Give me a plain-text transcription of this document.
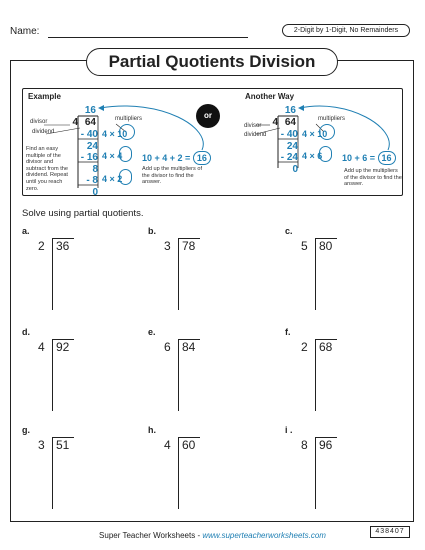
Name:	2-Digit by 1-Digit, No Remainders
Partial Quotients Division
Example	Another Way
or
divisor
dividend
multipliers
16
4 64
- 40
24
- 16
8
- 8
0
4 × 10
4 × 4
4 × 2
10 + 4 + 2 = 16
Find an easy multiple of the divisor and subtract from the dividend. Repeat until you reach zero.
Add up the multipliers of the divisor to find the answer.
divisor
dividend
multipliers
16
4 64
- 40
24
- 24
0
4 × 10
4 × 6 10 + 6 = 16
Add up the multipliers of the divisor to find the answer.
Solve using partial quotients.
a.
2 36
b.
3 78
c.
5 80
d.
4 92
e.
6 84
f.
2 68
g.
3 51
h.
4 60
i .
8 96
Super Teacher Worksheets - www.superteacherworksheets.com	438407
